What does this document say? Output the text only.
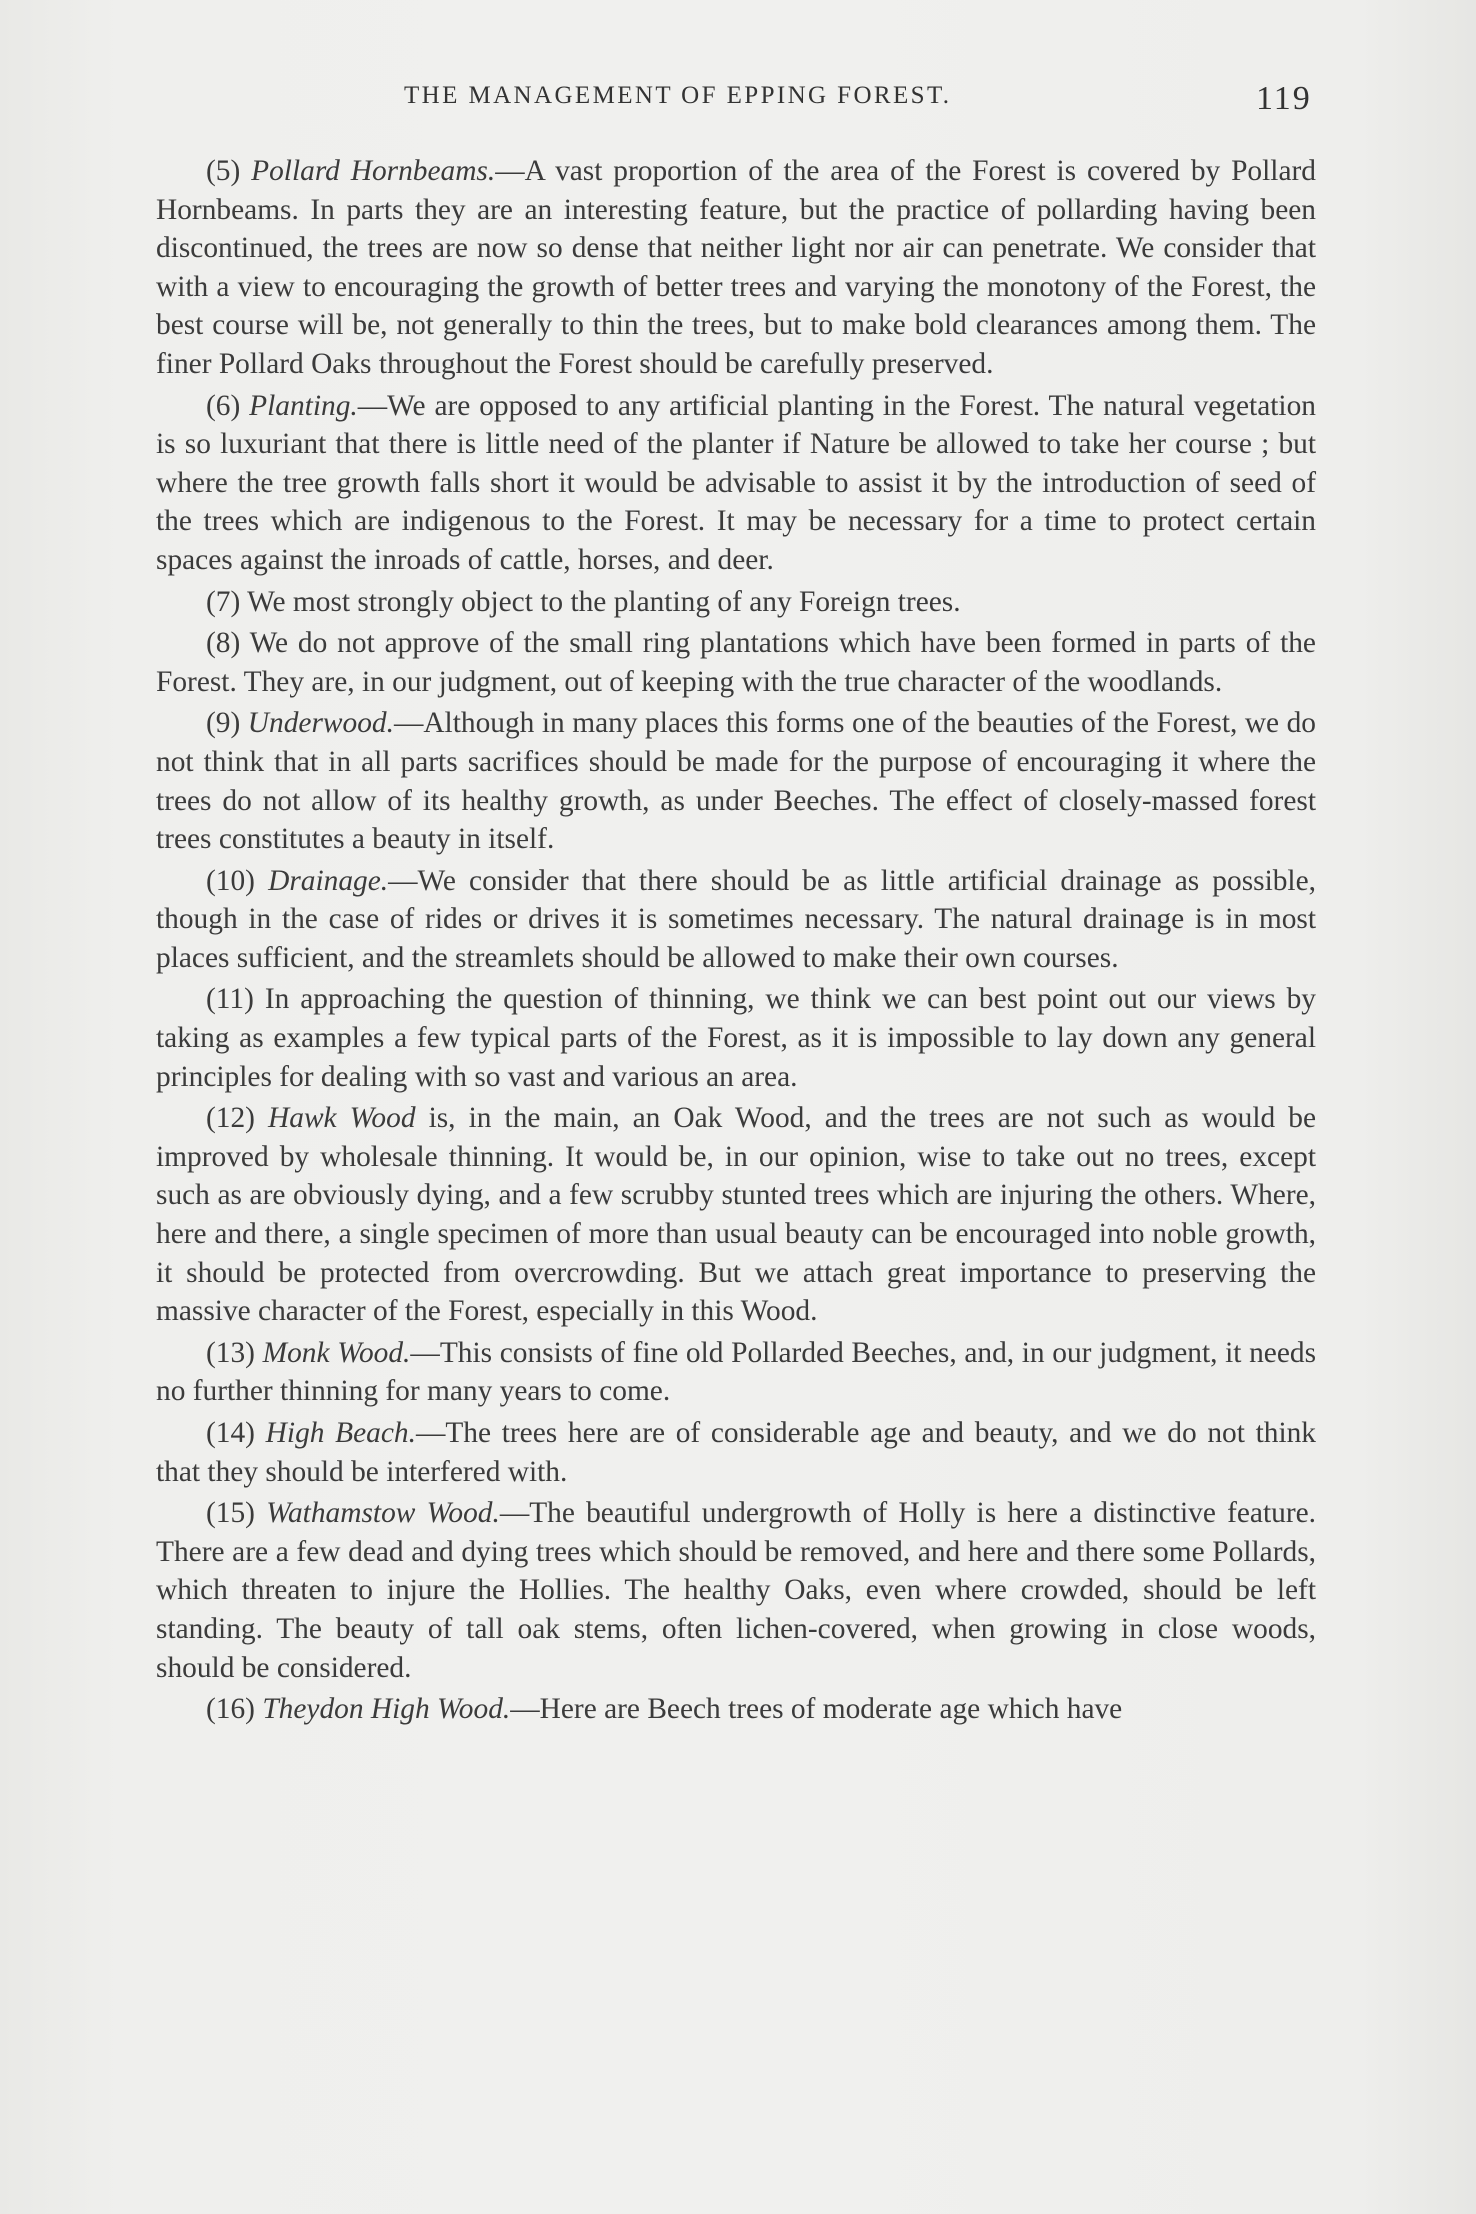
THE MANAGEMENT OF EPPING FOREST.	119

(5) Pollard Hornbeams.—A vast proportion of the area of the Forest is covered by Pollard Hornbeams. In parts they are an interesting feature, but the practice of pollarding having been discontinued, the trees are now so dense that neither light nor air can penetrate. We consider that with a view to encouraging the growth of better trees and varying the monotony of the Forest, the best course will be, not generally to thin the trees, but to make bold clearances among them. The finer Pollard Oaks throughout the Forest should be carefully preserved.

(6) Planting.—We are opposed to any artificial planting in the Forest. The natural vegetation is so luxuriant that there is little need of the planter if Nature be allowed to take her course ; but where the tree growth falls short it would be advisable to assist it by the introduction of seed of the trees which are indigenous to the Forest. It may be necessary for a time to protect certain spaces against the inroads of cattle, horses, and deer.

(7) We most strongly object to the planting of any Foreign trees.

(8) We do not approve of the small ring plantations which have been formed in parts of the Forest. They are, in our judgment, out of keeping with the true character of the woodlands.

(9) Underwood.—Although in many places this forms one of the beauties of the Forest, we do not think that in all parts sacrifices should be made for the purpose of encouraging it where the trees do not allow of its healthy growth, as under Beeches. The effect of closely-massed forest trees constitutes a beauty in itself.

(10) Drainage.—We consider that there should be as little artificial drainage as possible, though in the case of rides or drives it is sometimes necessary. The natural drainage is in most places sufficient, and the streamlets should be allowed to make their own courses.

(11) In approaching the question of thinning, we think we can best point out our views by taking as examples a few typical parts of the Forest, as it is impossible to lay down any general principles for dealing with so vast and various an area.

(12) Hawk Wood is, in the main, an Oak Wood, and the trees are not such as would be improved by wholesale thinning. It would be, in our opinion, wise to take out no trees, except such as are obviously dying, and a few scrubby stunted trees which are injuring the others. Where, here and there, a single specimen of more than usual beauty can be encouraged into noble growth, it should be protected from overcrowding. But we attach great importance to preserving the massive character of the Forest, especially in this Wood.

(13) Monk Wood.—This consists of fine old Pollarded Beeches, and, in our judgment, it needs no further thinning for many years to come.

(14) High Beach.—The trees here are of considerable age and beauty, and we do not think that they should be interfered with.

(15) Wathamstow Wood.—The beautiful undergrowth of Holly is here a distinctive feature. There are a few dead and dying trees which should be removed, and here and there some Pollards, which threaten to injure the Hollies. The healthy Oaks, even where crowded, should be left standing. The beauty of tall oak stems, often lichen-covered, when growing in close woods, should be considered.

(16) Theydon High Wood.—Here are Beech trees of moderate age which have
